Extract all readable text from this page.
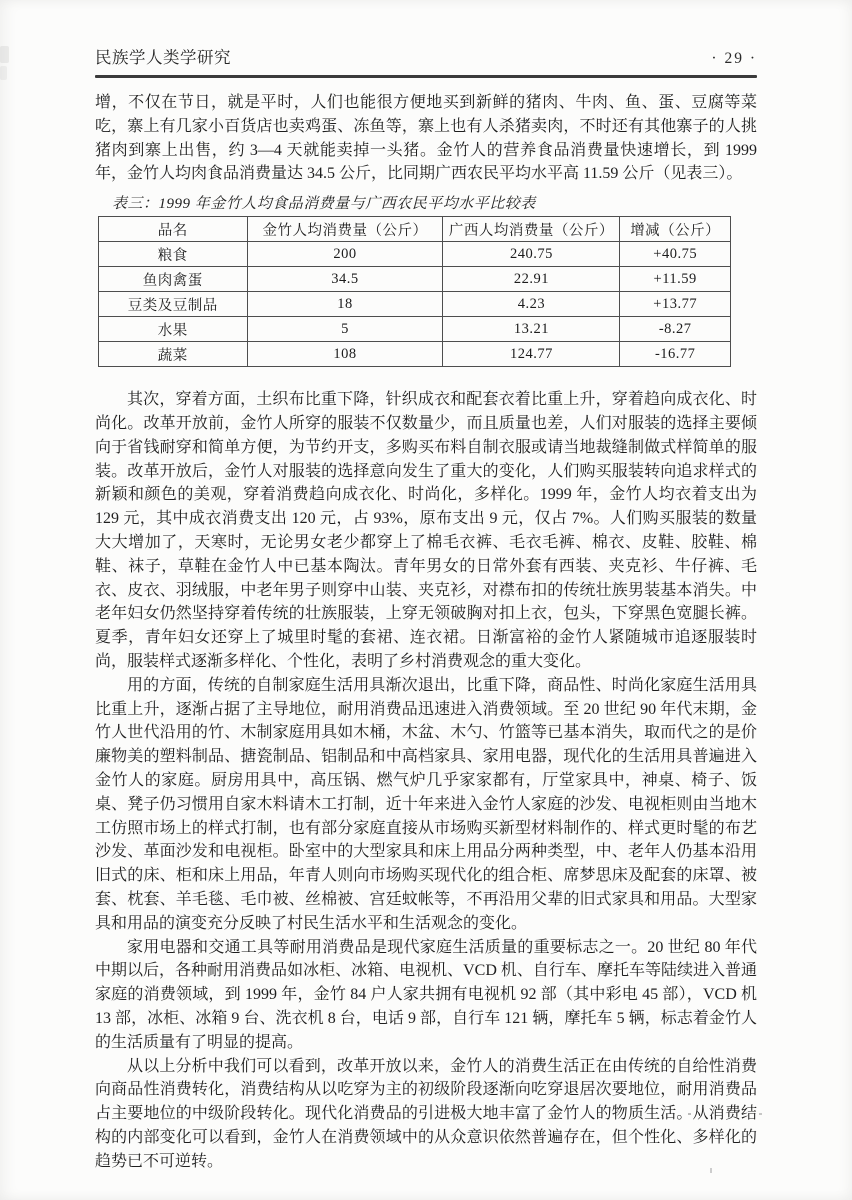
民族学人类学研究	· 29 ·

增，不仅在节日，就是平时，人们也能很方便地买到新鲜的猪肉、牛肉、鱼、蛋、豆腐等菜吃，寨上有几家小百货店也卖鸡蛋、冻鱼等，寨上也有人杀猪卖肉，不时还有其他寨子的人挑猪肉到寨上出售，约 3—4 天就能卖掉一头猪。金竹人的营养食品消费量快速增长，到 1999 年，金竹人均肉食品消费量达 34.5 公斤，比同期广西农民平均水平高 11.59 公斤（见表三）。

表三：1999 年金竹人均食品消费量与广西农民平均水平比较表
品名	金竹人均消费量（公斤）	广西人均消费量（公斤）	增减（公斤）
粮食	200	240.75	+40.75
鱼肉禽蛋	34.5	22.91	+11.59
豆类及豆制品	18	4.23	+13.77
水果	5	13.21	-8.27
蔬菜	108	124.77	-16.77

其次，穿着方面，土织布比重下降，针织成衣和配套衣着比重上升，穿着趋向成衣化、时尚化。改革开放前，金竹人所穿的服装不仅数量少，而且质量也差，人们对服装的选择主要倾向于省钱耐穿和简单方便，为节约开支，多购买布料自制衣服或请当地裁缝制做式样简单的服装。改革开放后，金竹人对服装的选择意向发生了重大的变化，人们购买服装转向追求样式的新颖和颜色的美观，穿着消费趋向成衣化、时尚化，多样化。1999 年，金竹人均衣着支出为 129 元，其中成衣消费支出 120 元，占 93%，原布支出 9 元，仅占 7%。人们购买服装的数量大大增加了，天寒时，无论男女老少都穿上了棉毛衣裤、毛衣毛裤、棉衣、皮鞋、胶鞋、棉鞋、袜子，草鞋在金竹人中已基本陶汰。青年男女的日常外套有西装、夹克衫、牛仔裤、毛衣、皮衣、羽绒服，中老年男子则穿中山装、夹克衫，对襟布扣的传统壮族男装基本消失。中老年妇女仍然坚持穿着传统的壮族服装，上穿无领破胸对扣上衣，包头，下穿黑色宽腿长裤。夏季，青年妇女还穿上了城里时髦的套裙、连衣裙。日渐富裕的金竹人紧随城市追逐服装时尚，服装样式逐渐多样化、个性化，表明了乡村消费观念的重大变化。

用的方面，传统的自制家庭生活用具渐次退出，比重下降，商品性、时尚化家庭生活用具比重上升，逐渐占据了主导地位，耐用消费品迅速进入消费领域。至 20 世纪 90 年代末期，金竹人世代沿用的竹、木制家庭用具如木桶，木盆、木勺、竹篮等已基本消失，取而代之的是价廉物美的塑料制品、搪瓷制品、铝制品和中高档家具、家用电器，现代化的生活用具普遍进入金竹人的家庭。厨房用具中，高压锅、燃气炉几乎家家都有，厅堂家具中，神桌、椅子、饭桌、凳子仍习惯用自家木料请木工打制，近十年来进入金竹人家庭的沙发、电视柜则由当地木工仿照市场上的样式打制，也有部分家庭直接从市场购买新型材料制作的、样式更时髦的布艺沙发、革面沙发和电视柜。卧室中的大型家具和床上用品分两种类型，中、老年人仍基本沿用旧式的床、柜和床上用品，年青人则向市场购买现代化的组合柜、席梦思床及配套的床罩、被套、枕套、羊毛毯、毛巾被、丝棉被、宫廷蚊帐等，不再沿用父辈的旧式家具和用品。大型家具和用品的演变充分反映了村民生活水平和生活观念的变化。

家用电器和交通工具等耐用消费品是现代家庭生活质量的重要标志之一。20 世纪 80 年代中期以后，各种耐用消费品如冰柜、冰箱、电视机、VCD 机、自行车、摩托车等陆续进入普通家庭的消费领域，到 1999 年，金竹 84 户人家共拥有电视机 92 部（其中彩电 45 部），VCD 机 13 部，冰柜、冰箱 9 台、洗衣机 8 台，电话 9 部，自行车 121 辆，摩托车 5 辆，标志着金竹人的生活质量有了明显的提高。

从以上分析中我们可以看到，改革开放以来，金竹人的消费生活正在由传统的自给性消费向商品性消费转化，消费结构从以吃穿为主的初级阶段逐渐向吃穿退居次要地位，耐用消费品占主要地位的中级阶段转化。现代化消费品的引进极大地丰富了金竹人的物质生活。从消费结构的内部变化可以看到，金竹人在消费领域中的从众意识依然普遍存在，但个性化、多样化的趋势已不可逆转。
